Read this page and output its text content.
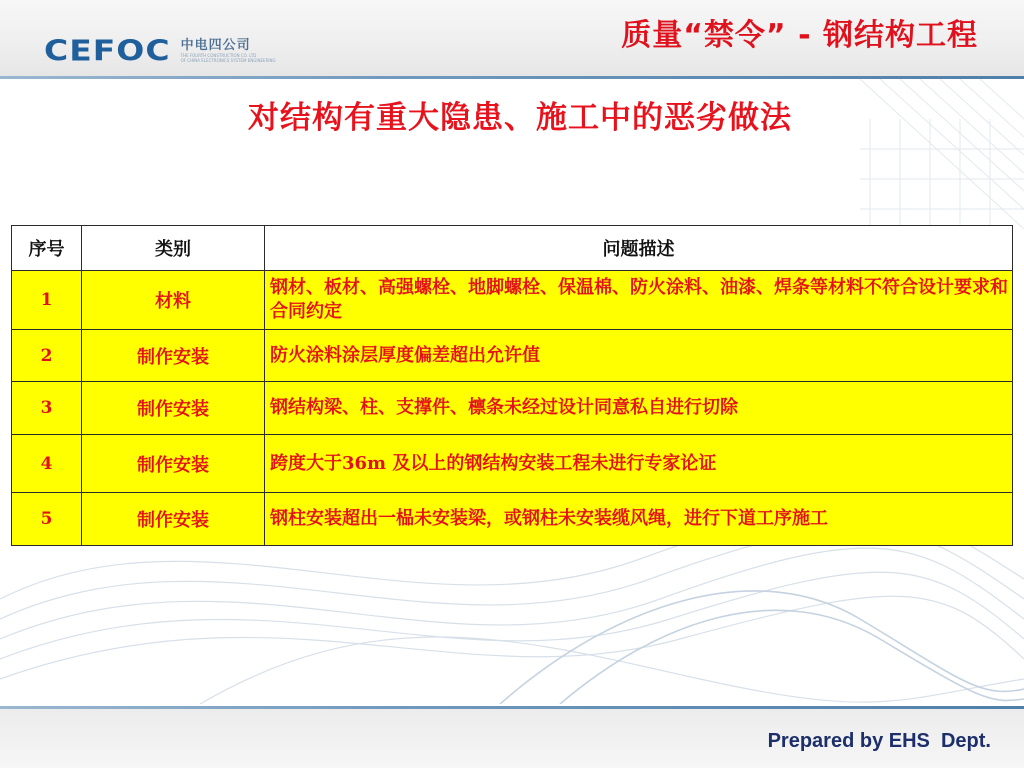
CEFOC 中电四公司
THE FOURTH CONSTRUCTION CO. LTD
OF CHINA ELECTRONICS SYSTEM ENGINEERING
质量“禁令” - 钢结构工程
对结构有重大隐患、施工中的恶劣做法
序号	类别	问题描述
1	材料	钢材、板材、高强螺栓、地脚螺栓、保温棉、防火涂料、油漆、焊条等材料不符合设计要求和合同约定
2	制作安装	防火涂料涂层厚度偏差超出允许值
3	制作安装	钢结构梁、柱、支撑件、檩条未经过设计同意私自进行切除
4	制作安装	跨度大于36m 及以上的钢结构安装工程未进行专家论证
5	制作安装	钢柱安装超出一榀未安装梁，或钢柱未安装缆风绳，进行下道工序施工
Prepared by EHS  Dept.
